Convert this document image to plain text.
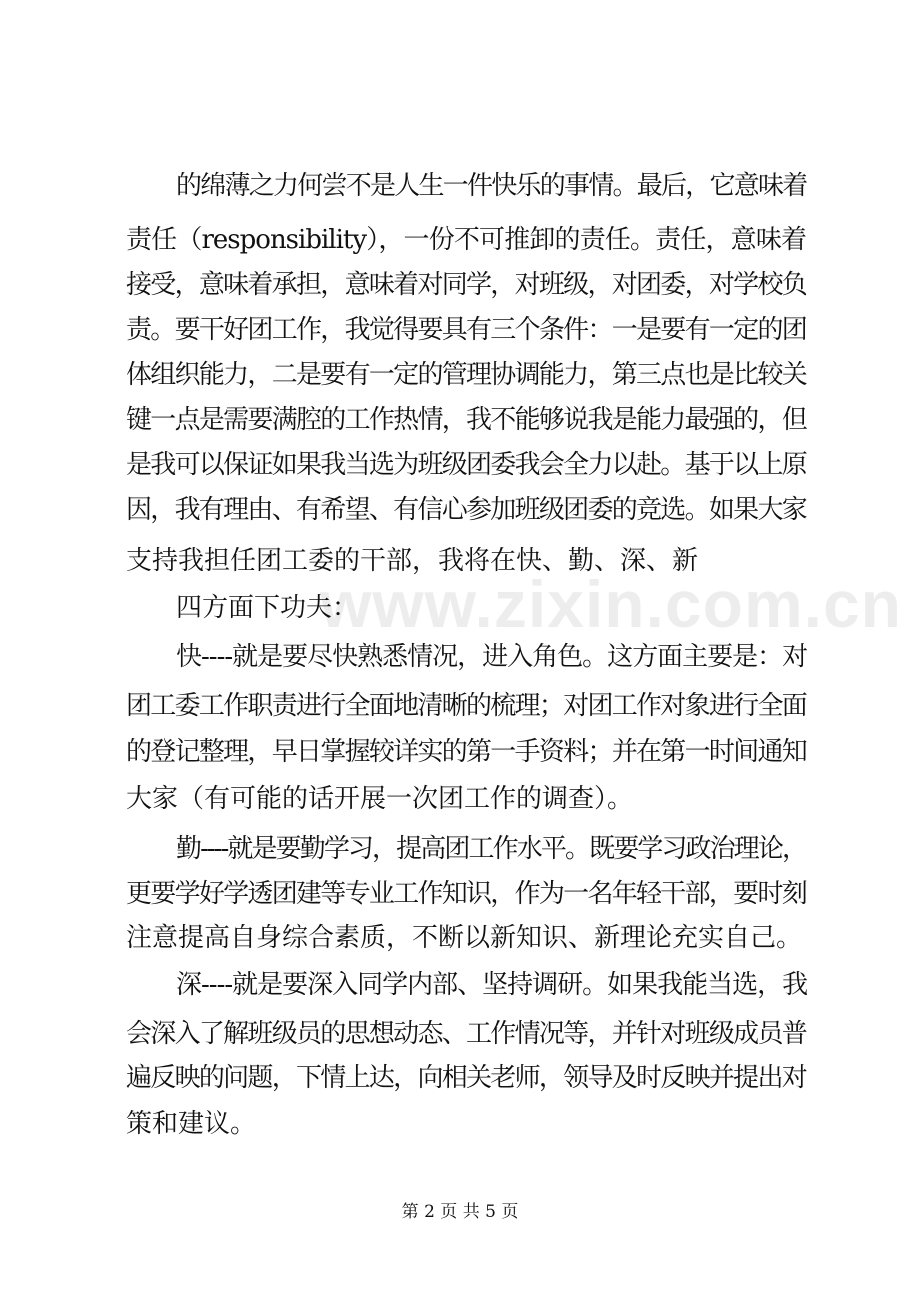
www.zixin.com.cn
的绵薄之力何尝不是人生一件快乐的事情。最后，它意味着
责任（responsibility），一份不可推卸的责任。责任，意味着
接受，意味着承担，意味着对同学，对班级，对团委，对学校负
责。要干好团工作，我觉得要具有三个条件：一是要有一定的团
体组织能力，二是要有一定的管理协调能力，第三点也是比较关
键一点是需要满腔的工作热情，我不能够说我是能力最强的，但
是我可以保证如果我当选为班级团委我会全力以赴。基于以上原
因，我有理由、有希望、有信心参加班级团委的竞选。如果大家
支持我担任团工委的干部，我将在快、勤、深、新
四方面下功夫：
快----就是要尽快熟悉情况，进入角色。这方面主要是：对
团工委工作职责进行全面地清晰的梳理；对团工作对象进行全面
的登记整理，早日掌握较详实的第一手资料；并在第一时间通知
大家（有可能的话开展一次团工作的调查）。
勤----就是要勤学习，提高团工作水平。既要学习政治理论，
更要学好学透团建等专业工作知识，作为一名年轻干部，要时刻
注意提高自身综合素质，不断以新知识、新理论充实自己。
深----就是要深入同学内部、坚持调研。如果我能当选，我
会深入了解班级员的思想动态、工作情况等，并针对班级成员普
遍反映的问题，下情上达，向相关老师，领导及时反映并提出对
策和建议。
第 2 页 共 5 页
